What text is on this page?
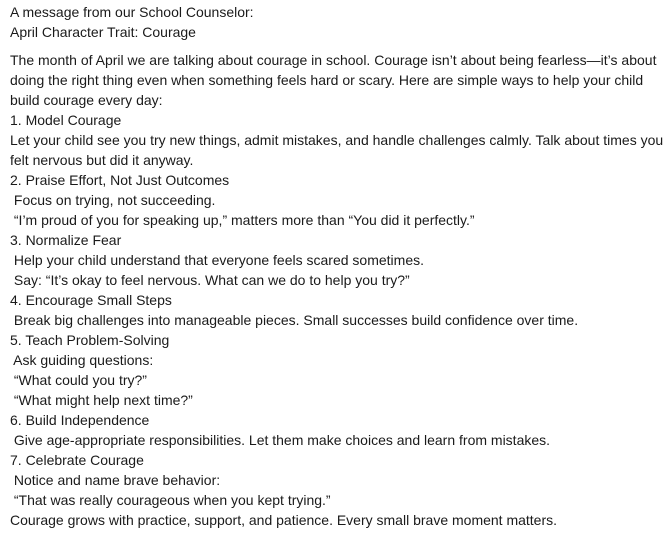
A message from our School Counselor:
April Character Trait: Courage
The month of April we are talking about courage in school. Courage isn’t about being fearless—it’s about doing the right thing even when something feels hard or scary. Here are simple ways to help your child build courage every day:
1. Model Courage
Let your child see you try new things, admit mistakes, and handle challenges calmly. Talk about times you felt nervous but did it anyway.
2. Praise Effort, Not Just Outcomes
Focus on trying, not succeeding.
“I’m proud of you for speaking up,” matters more than “You did it perfectly.”
3. Normalize Fear
Help your child understand that everyone feels scared sometimes.
Say: “It’s okay to feel nervous. What can we do to help you try?”
4. Encourage Small Steps
Break big challenges into manageable pieces. Small successes build confidence over time.
5. Teach Problem-Solving
Ask guiding questions:
“What could you try?”
“What might help next time?”
6. Build Independence
Give age-appropriate responsibilities. Let them make choices and learn from mistakes.
7. Celebrate Courage
Notice and name brave behavior:
“That was really courageous when you kept trying.”
Courage grows with practice, support, and patience. Every small brave moment matters.
